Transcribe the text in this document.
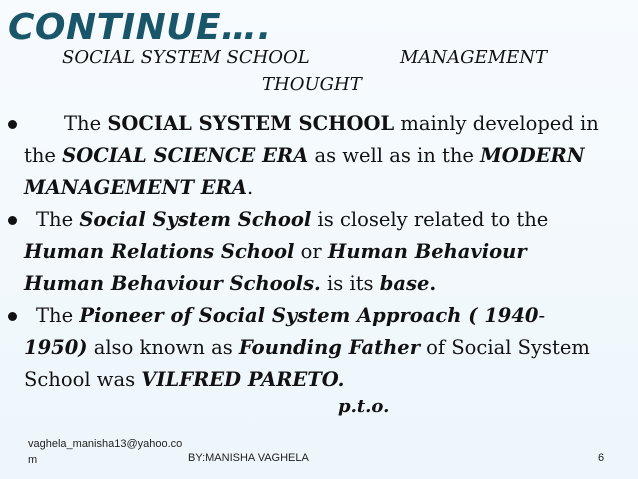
CONTINUE….
SOCIAL SYSTEM SCHOOL	MANAGEMENT
THOUGHT

The SOCIAL SYSTEM SCHOOL mainly developed in

the SOCIAL SCIENCE ERA as well as in the MODERN

MANAGEMENT ERA.

The Social System School is closely related to the

Human Relations School or Human Behaviour

Human Behaviour Schools. is its base.

The Pioneer of Social System Approach ( 1940-

1950) also known as Founding Father of Social System

School was VILFRED PARETO.

p.t.o.
vaghela_manisha13@yahoo.co
m	BY:MANISHA VAGHELA	6
